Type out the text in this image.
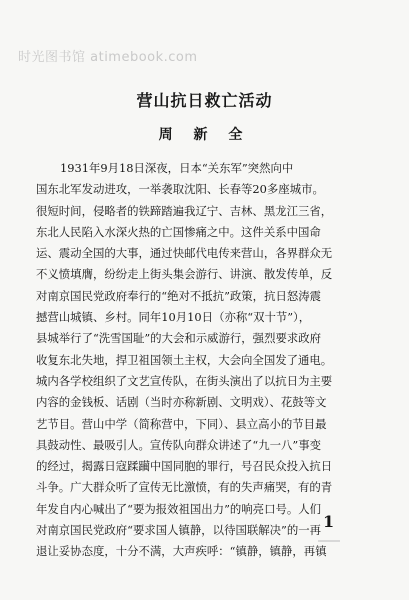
时光图书馆 atimebook.com
营山抗日救亡活动
周 新 全
1931年9月18日深夜，日本“关东军”突然向中
国东北军发动进攻，一举袭取沈阳、长春等20多座城市。
很短时间，侵略者的铁蹄踏遍我辽宁、吉林、黑龙江三省，
东北人民陷入水深火热的亡国惨痛之中。这件关系中国命
运、震动全国的大事，通过快邮代电传来营山，各界群众无
不义愤填膺，纷纷走上街头集会游行、讲演、散发传单，反
对南京国民党政府奉行的“绝对不抵抗”政策，抗日怒涛震
撼营山城镇、乡村。同年10月10日（亦称“双十节”），
县城举行了“洗雪国耻”的大会和示威游行，强烈要求政府
收复东北失地，捍卫祖国领土主权，大会向全国发了通电。
城内各学校组织了文艺宣传队，在街头演出了以抗日为主要
内容的金钱板、话剧（当时亦称新剧、文明戏）、花鼓等文
艺节目。营山中学（简称营中，下同）、县立高小的节目最
具鼓动性、最吸引人。宣传队向群众讲述了“九一八”事变
的经过，揭露日寇蹂躏中国同胞的罪行，号召民众投入抗日
斗争。广大群众听了宣传无比激愤，有的失声痛哭，有的青
年发自内心喊出了“要为报效祖国出力”的响亮口号。人们
对南京国民党政府“要求国人镇静，以待国联解决”的一再
退让妥协态度，十分不满，大声疾呼：“镇静，镇静，再镇
1
